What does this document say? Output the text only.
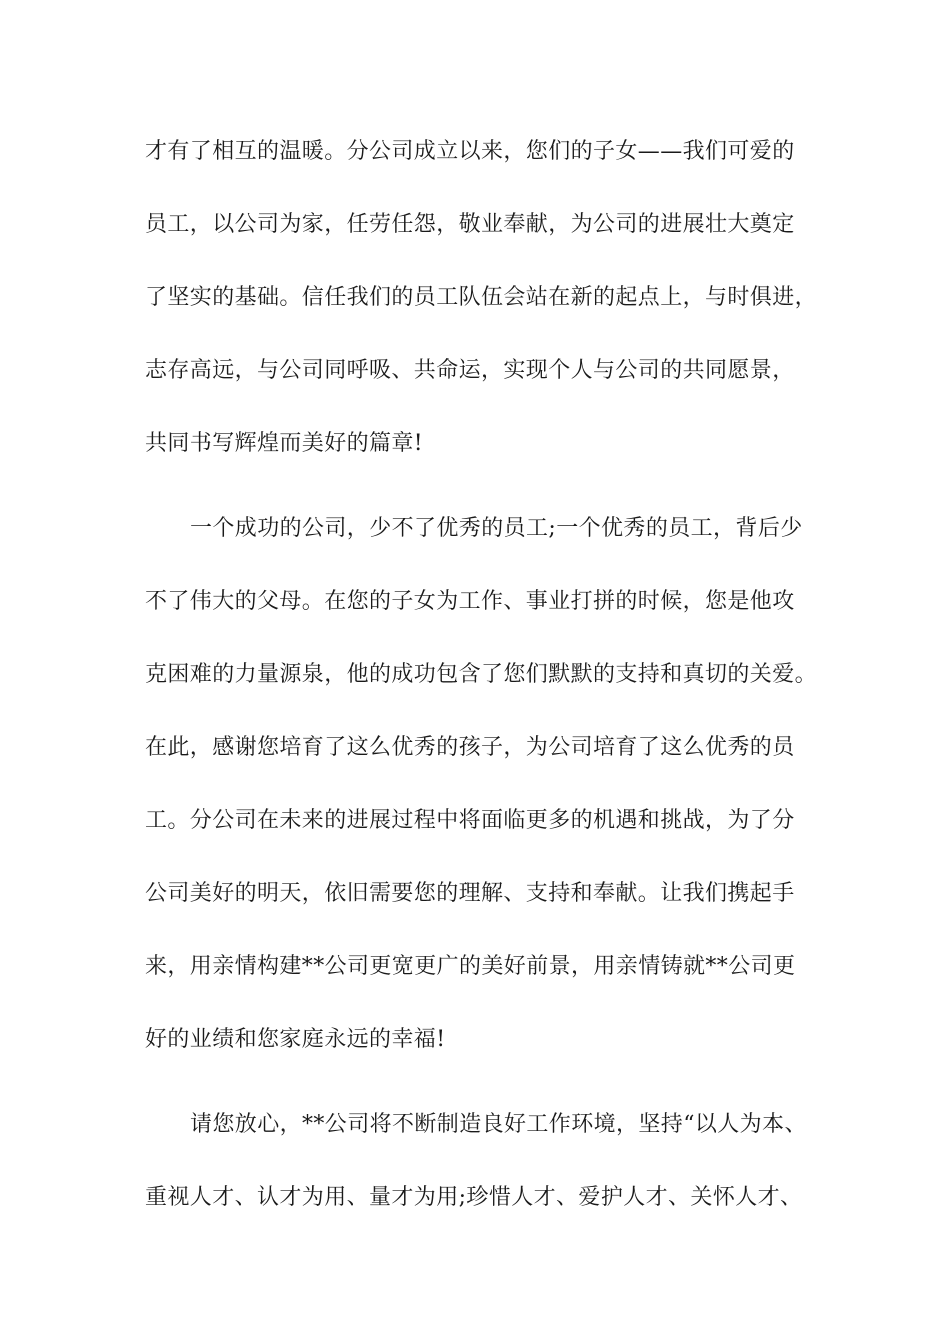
才有了相互的温暖。分公司成立以来，您们的子女——我们可爱的
员工，以公司为家，任劳任怨，敬业奉献，为公司的进展壮大奠定
了坚实的基础。信任我们的员工队伍会站在新的起点上，与时俱进，
志存高远，与公司同呼吸、共命运，实现个人与公司的共同愿景，
共同书写辉煌而美好的篇章!
一个成功的公司，少不了优秀的员工;一个优秀的员工，背后少
不了伟大的父母。在您的子女为工作、事业打拼的时候，您是他攻
克困难的力量源泉，他的成功包含了您们默默的支持和真切的关爱。
在此，感谢您培育了这么优秀的孩子，为公司培育了这么优秀的员
工。分公司在未来的进展过程中将面临更多的机遇和挑战，为了分
公司美好的明天，依旧需要您的理解、支持和奉献。让我们携起手
来，用亲情构建**公司更宽更广的美好前景，用亲情铸就**公司更
好的业绩和您家庭永远的幸福!
请您放心，**公司将不断制造良好工作环境，坚持“以人为本、
重视人才、认才为用、量才为用;珍惜人才、爱护人才、关怀人才、
